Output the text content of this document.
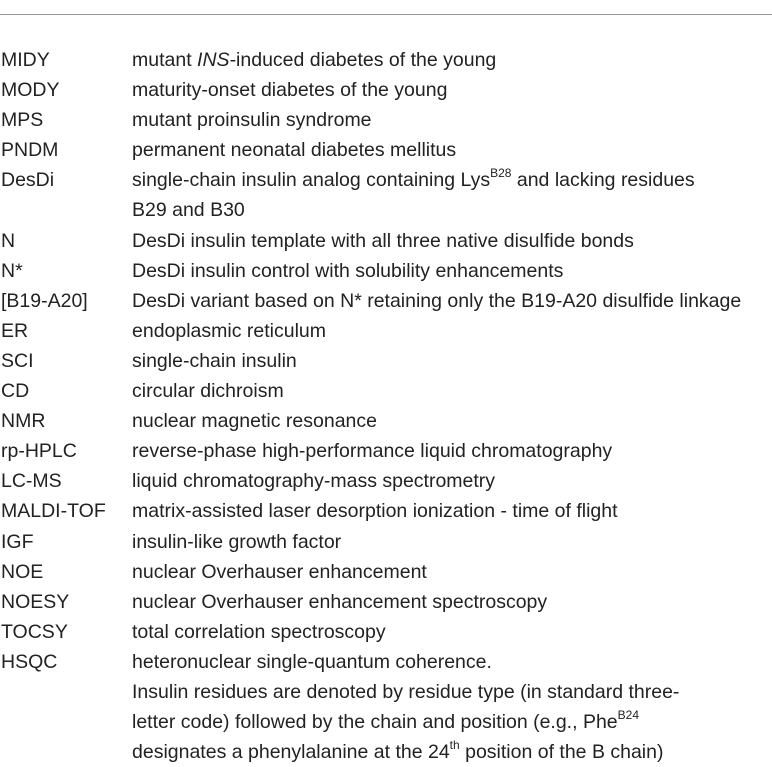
MIDY	mutant INS-induced diabetes of the young
MODY	maturity-onset diabetes of the young
MPS	mutant proinsulin syndrome
PNDM	permanent neonatal diabetes mellitus
DesDi	single-chain insulin analog containing Lys$^{B28}$ and lacking residues
B29 and B30
N	DesDi insulin template with all three native disulfide bonds
N*	DesDi insulin control with solubility enhancements
[B19-A20]	DesDi variant based on N* retaining only the B19-A20 disulfide linkage
ER	endoplasmic reticulum
SCI	single-chain insulin
CD	circular dichroism
NMR	nuclear magnetic resonance
rp-HPLC	reverse-phase high-performance liquid chromatography
LC-MS	liquid chromatography-mass spectrometry
MALDI-TOF	matrix-assisted laser desorption ionization - time of flight
IGF	insulin-like growth factor
NOE	nuclear Overhauser enhancement
NOESY	nuclear Overhauser enhancement spectroscopy
TOCSY	total correlation spectroscopy
HSQC	heteronuclear single-quantum coherence.
Insulin residues are denoted by residue type (in standard three-
letter code) followed by the chain and position (e.g., Phe$^{B24}$
designates a phenylalanine at the 24th position of the B chain)
